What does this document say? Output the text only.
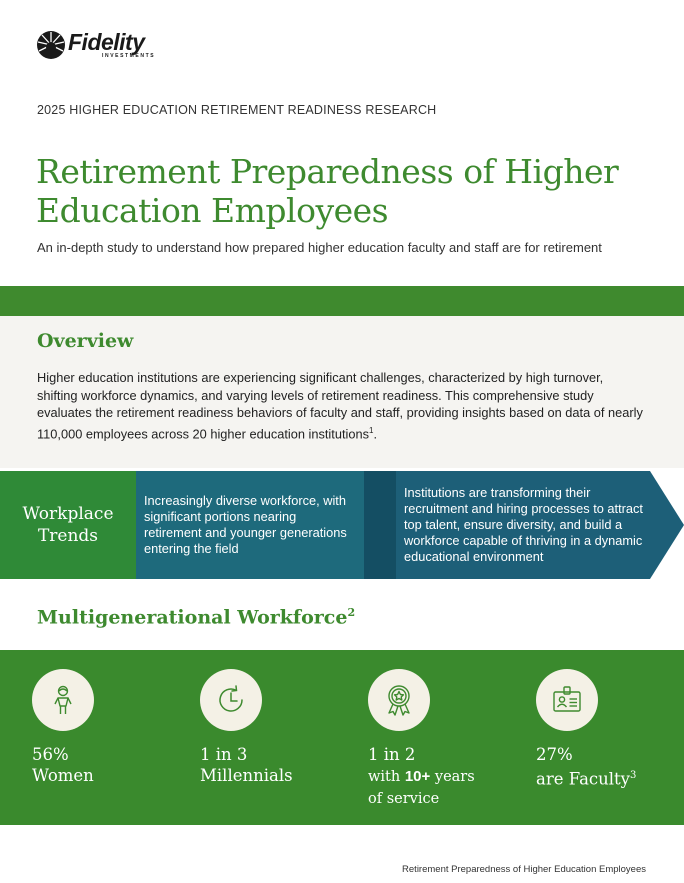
Fidelity
INVESTMENTS
2025 HIGHER EDUCATION RETIREMENT READINESS RESEARCH
Retirement Preparedness of Higher Education Employees
An in-depth study to understand how prepared higher education faculty and staff are for retirement
Overview

Higher education institutions are experiencing significant challenges, characterized by high turnover, shifting workforce dynamics, and varying levels of retirement readiness. This comprehensive study evaluates the retirement readiness behaviors of faculty and staff, providing insights based on data of nearly 110,000 employees across 20 higher education institutions$^1$.

Workplace
Trends
Increasingly diverse workforce, with significant portions nearing retirement and younger generations entering the field
Institutions are transforming their recruitment and hiring processes to attract top talent, ensure diversity, and build a workforce capable of thriving in a dynamic educational environment
Multigenerational Workforce$^2$
56%
Women
1 in 3
Millennials
1 in 2
with 10+ years
of service
27%
are Faculty$^3$
Retirement Preparedness of Higher Education Employees
